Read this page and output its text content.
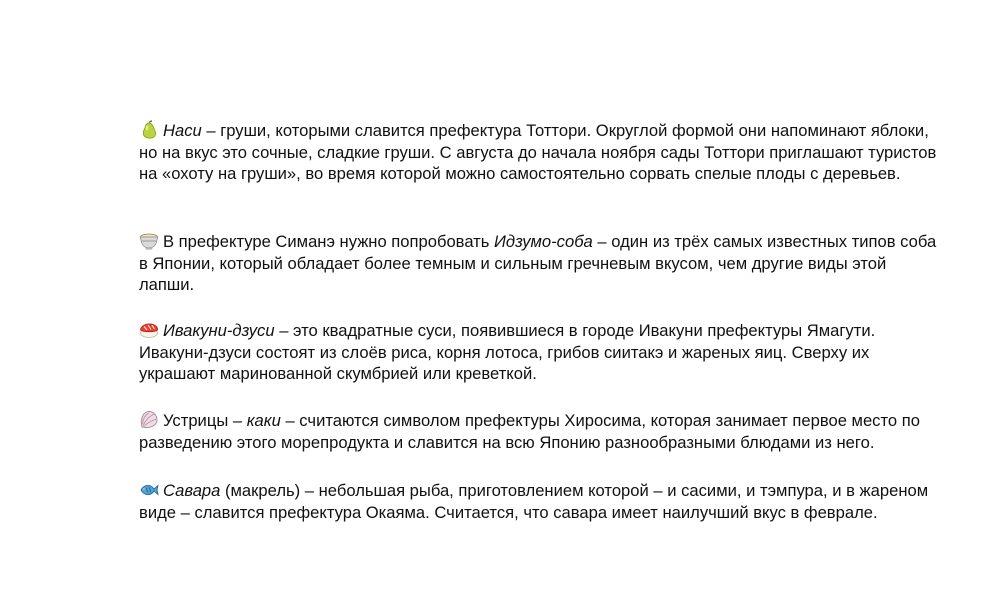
Наси – груши, которыми славится префектура Тоттори. Округлой формой они напоминают яблоки, но на вкус это сочные, сладкие груши. С августа до начала ноября сады Тоттори приглашают туристов на «охоту на груши», во время которой можно самостоятельно сорвать спелые плоды с деревьев.

В префектуре Симанэ нужно попробовать Идзумо-соба – один из трёх самых известных типов соба в Японии, который обладает более темным и сильным гречневым вкусом, чем другие виды этой лапши.

Ивакуни-дзуси – это квадратные суси, появившиеся в городе Ивакуни префектуры Ямагути. Ивакуни-дзуси состоят из слоёв риса, корня лотоса, грибов сиитакэ и жареных яиц. Сверху их украшают маринованной скумбрией или креветкой.

Устрицы – каки – считаются символом префектуры Хиросима, которая занимает первое место по разведению этого морепродукта и славится на всю Японию разнообразными блюдами из него.

Савара (макрель) – небольшая рыба, приготовлением которой – и сасими, и тэмпура, и в жареном виде – славится префектура Окаяма. Считается, что савара имеет наилучший вкус в феврале.
